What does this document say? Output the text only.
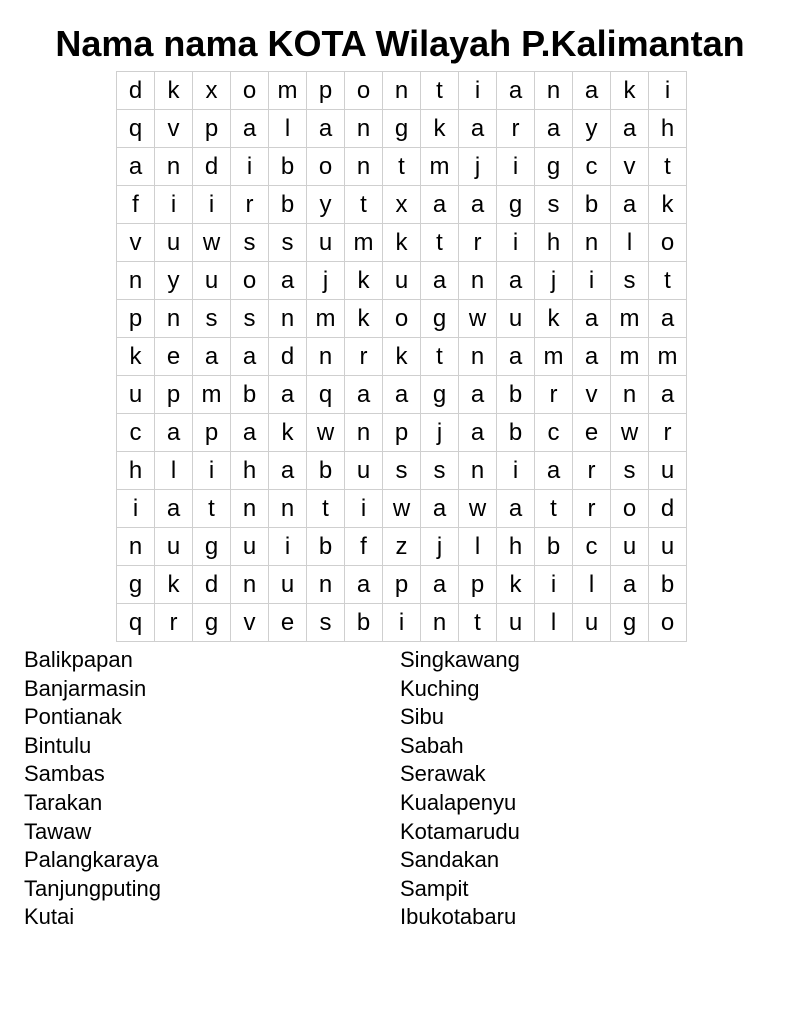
Nama nama KOTA Wilayah P.Kalimantan
d	k	x	o	m	p	o	n	t	i	a	n	a	k	i
q	v	p	a	l	a	n	g	k	a	r	a	y	a	h
a	n	d	i	b	o	n	t	m	j	i	g	c	v	t
f	i	i	r	b	y	t	x	a	a	g	s	b	a	k
v	u	w	s	s	u	m	k	t	r	i	h	n	l	o
n	y	u	o	a	j	k	u	a	n	a	j	i	s	t
p	n	s	s	n	m	k	o	g	w	u	k	a	m	a
k	e	a	a	d	n	r	k	t	n	a	m	a	m	m
u	p	m	b	a	q	a	a	g	a	b	r	v	n	a
c	a	p	a	k	w	n	p	j	a	b	c	e	w	r
h	l	i	h	a	b	u	s	s	n	i	a	r	s	u
i	a	t	n	n	t	i	w	a	w	a	t	r	o	d
n	u	g	u	i	b	f	z	j	l	h	b	c	u	u
g	k	d	n	u	n	a	p	a	p	k	i	l	a	b
q	r	g	v	e	s	b	i	n	t	u	l	u	g	o
Balikpapan
Banjarmasin
Pontianak
Bintulu
Sambas
Tarakan
Tawaw
Palangkaraya
Tanjungputing
Kutai
Singkawang
Kuching
Sibu
Sabah
Serawak
Kualapenyu
Kotamarudu
Sandakan
Sampit
Ibukotabaru
